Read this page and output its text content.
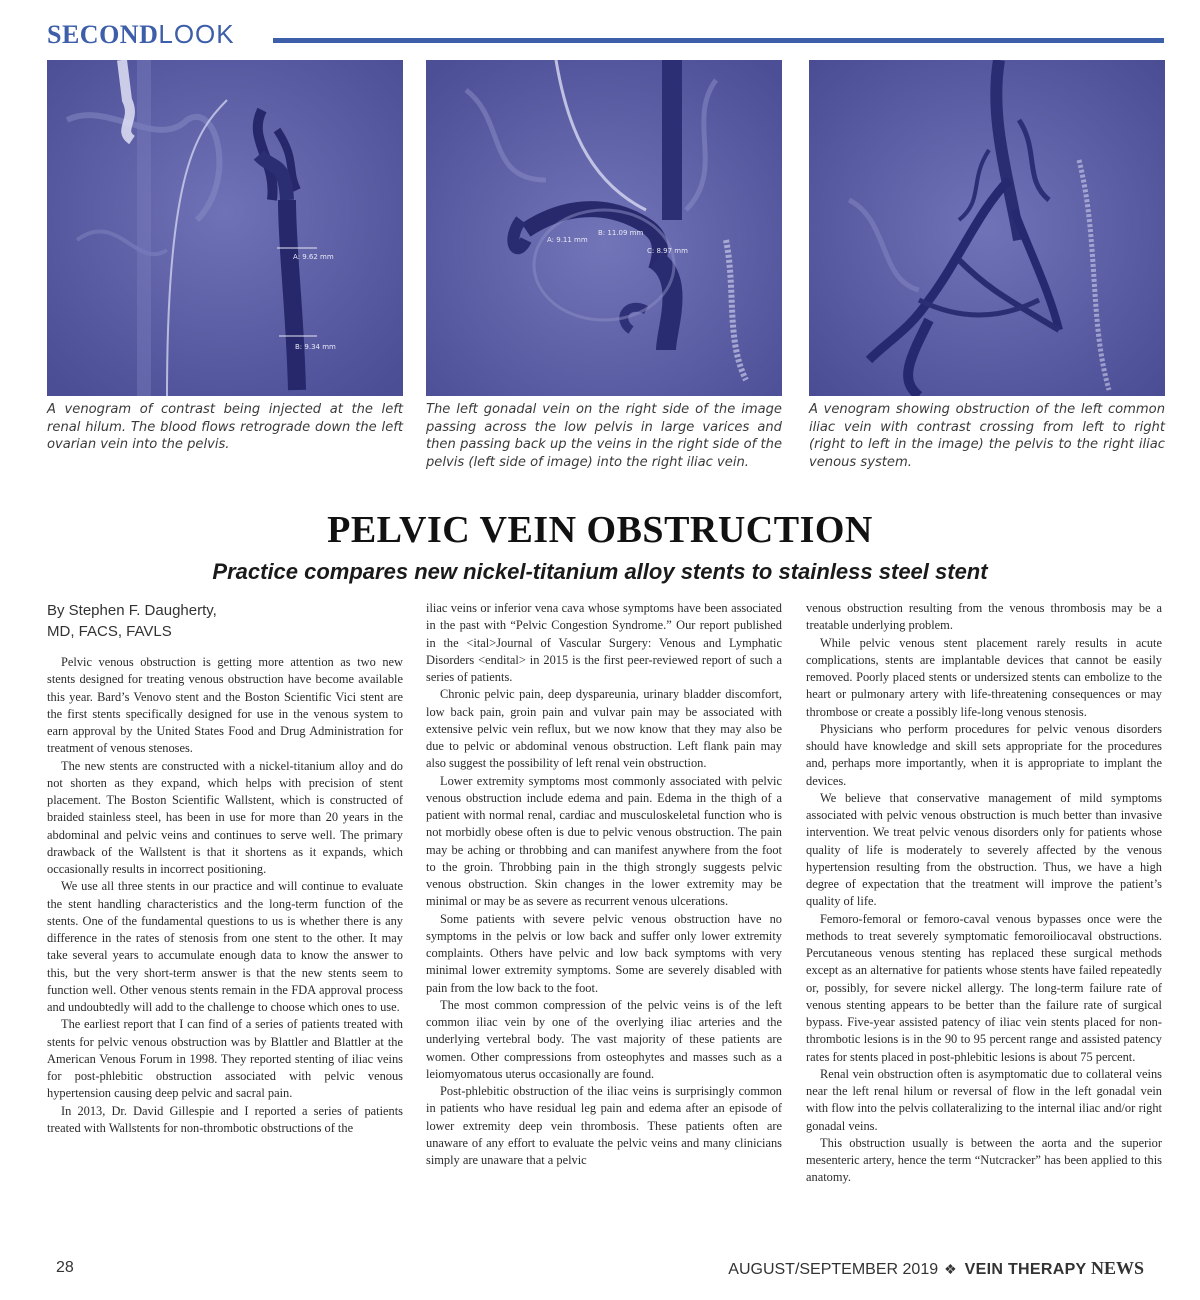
SECONDLOOK
A venogram of contrast being injected at the left renal hilum. The blood flows retrograde down the left ovarian vein into the pelvis.
A: 9.62 mm
B: 9.34 mm
The left gonadal vein on the right side of the image passing across the low pelvis in large varices and then passing back up the veins in the right side of the pelvis (left side of image) into the right iliac vein.
A: 9.11 mm
B: 11.09 mm
C: 8.97 mm
A venogram showing obstruction of the left common iliac vein with contrast crossing from left to right (right to left in the image) the pelvis to the right iliac venous system.
PELVIC VEIN OBSTRUCTION
Practice compares new nickel-titanium alloy stents to stainless steel stent
By Stephen F. Daugherty,
MD, FACS, FAVLS

Pelvic venous obstruction is getting more attention as two new stents designed for treating venous obstruction have become available this year. Bard’s Venovo stent and the Boston Scientific Vici stent are the first stents specifically designed for use in the venous system to earn approval by the United States Food and Drug Administration for treatment of venous stenoses.

The new stents are constructed with a nickel-titanium alloy and do not shorten as they expand, which helps with precision of stent placement. The Boston Scientific Wallstent, which is constructed of braided stainless steel, has been in use for more than 20 years in the abdominal and pelvic veins and continues to serve well. The primary drawback of the Wallstent is that it shortens as it expands, which occasionally results in incorrect positioning.

We use all three stents in our practice and will continue to evaluate the stent handling characteristics and the long-term function of the stents. One of the fundamental questions to us is whether there is any difference in the rates of stenosis from one stent to the other. It may take several years to accumulate enough data to know the answer to this, but the very short-term answer is that the new stents seem to function well. Other venous stents remain in the FDA approval process and undoubtedly will add to the challenge to choose which ones to use.

The earliest report that I can find of a series of patients treated with stents for pelvic venous obstruction was by Blattler and Blattler at the American Venous Forum in 1998. They reported stenting of iliac veins for post-phlebitic obstruction associated with pelvic venous hypertension causing deep pelvic and sacral pain.

In 2013, Dr. David Gillespie and I reported a series of patients treated with Wallstents for non-thrombotic obstructions of the

iliac veins or inferior vena cava whose symptoms have been associated in the past with “Pelvic Congestion Syndrome.” Our report published in the <ital>Journal of Vascular Surgery: Venous and Lymphatic Disorders <endital> in 2015 is the first peer-reviewed report of such a series of patients.

Chronic pelvic pain, deep dyspareunia, urinary bladder discomfort, low back pain, groin pain and vulvar pain may be associated with extensive pelvic vein reflux, but we now know that they may also be due to pelvic or abdominal venous obstruction. Left flank pain may also suggest the possibility of left renal vein obstruction.

Lower extremity symptoms most commonly associated with pelvic venous obstruction include edema and pain. Edema in the thigh of a patient with normal renal, cardiac and musculoskeletal function who is not morbidly obese often is due to pelvic venous obstruction. The pain may be aching or throbbing and can manifest anywhere from the foot to the groin. Throbbing pain in the thigh strongly suggests pelvic venous obstruction. Skin changes in the lower extremity may be minimal or may be as severe as recurrent venous ulcerations.

Some patients with severe pelvic venous obstruction have no symptoms in the pelvis or low back and suffer only lower extremity complaints. Others have pelvic and low back symptoms with very minimal lower extremity symptoms. Some are severely disabled with pain from the low back to the foot.

The most common compression of the pelvic veins is of the left common iliac vein by one of the overlying iliac arteries and the underlying vertebral body. The vast majority of these patients are women. Other compressions from osteophytes and masses such as a leiomyomatous uterus occasionally are found.

Post-phlebitic obstruction of the iliac veins is surprisingly common in patients who have residual leg pain and edema after an episode of lower extremity deep vein thrombosis. These patients often are unaware of any effort to evaluate the pelvic veins and many clinicians simply are unaware that a pelvic

venous obstruction resulting from the venous thrombosis may be a treatable underlying problem.

While pelvic venous stent placement rarely results in acute complications, stents are implantable devices that cannot be easily removed. Poorly placed stents or undersized stents can embolize to the heart or pulmonary artery with life-threatening consequences or may thrombose or create a possibly life-long venous stenosis.

Physicians who perform procedures for pelvic venous disorders should have knowledge and skill sets appropriate for the procedures and, perhaps more importantly, when it is appropriate to implant the devices.

We believe that conservative management of mild symptoms associated with pelvic venous obstruction is much better than invasive intervention. We treat pelvic venous disorders only for patients whose quality of life is moderately to severely affected by the venous hypertension resulting from the obstruction. Thus, we have a high degree of expectation that the treatment will improve the patient’s quality of life.

Femoro-femoral or femoro-caval venous bypasses once were the methods to treat severely symptomatic femoroiliocaval obstructions. Percutaneous venous stenting has replaced these surgical methods except as an alternative for patients whose stents have failed repeatedly or, possibly, for severe nickel allergy. The long-term failure rate of venous stenting appears to be better than the failure rate of surgical bypass. Five-year assisted patency of iliac vein stents placed for non-thrombotic lesions is in the 90 to 95 percent range and assisted patency rates for stents placed in post-phlebitic lesions is about 75 percent.

Renal vein obstruction often is asymptomatic due to collateral veins near the left renal hilum or reversal of flow in the left gonadal vein with flow into the pelvis collateralizing to the internal iliac and/or right gonadal veins.

This obstruction usually is between the aorta and the superior mesenteric artery, hence the term “Nutcracker” has been applied to this anatomy.

28	AUGUST/SEPTEMBER 2019 ❖ VEIN THERAPY NEWS
